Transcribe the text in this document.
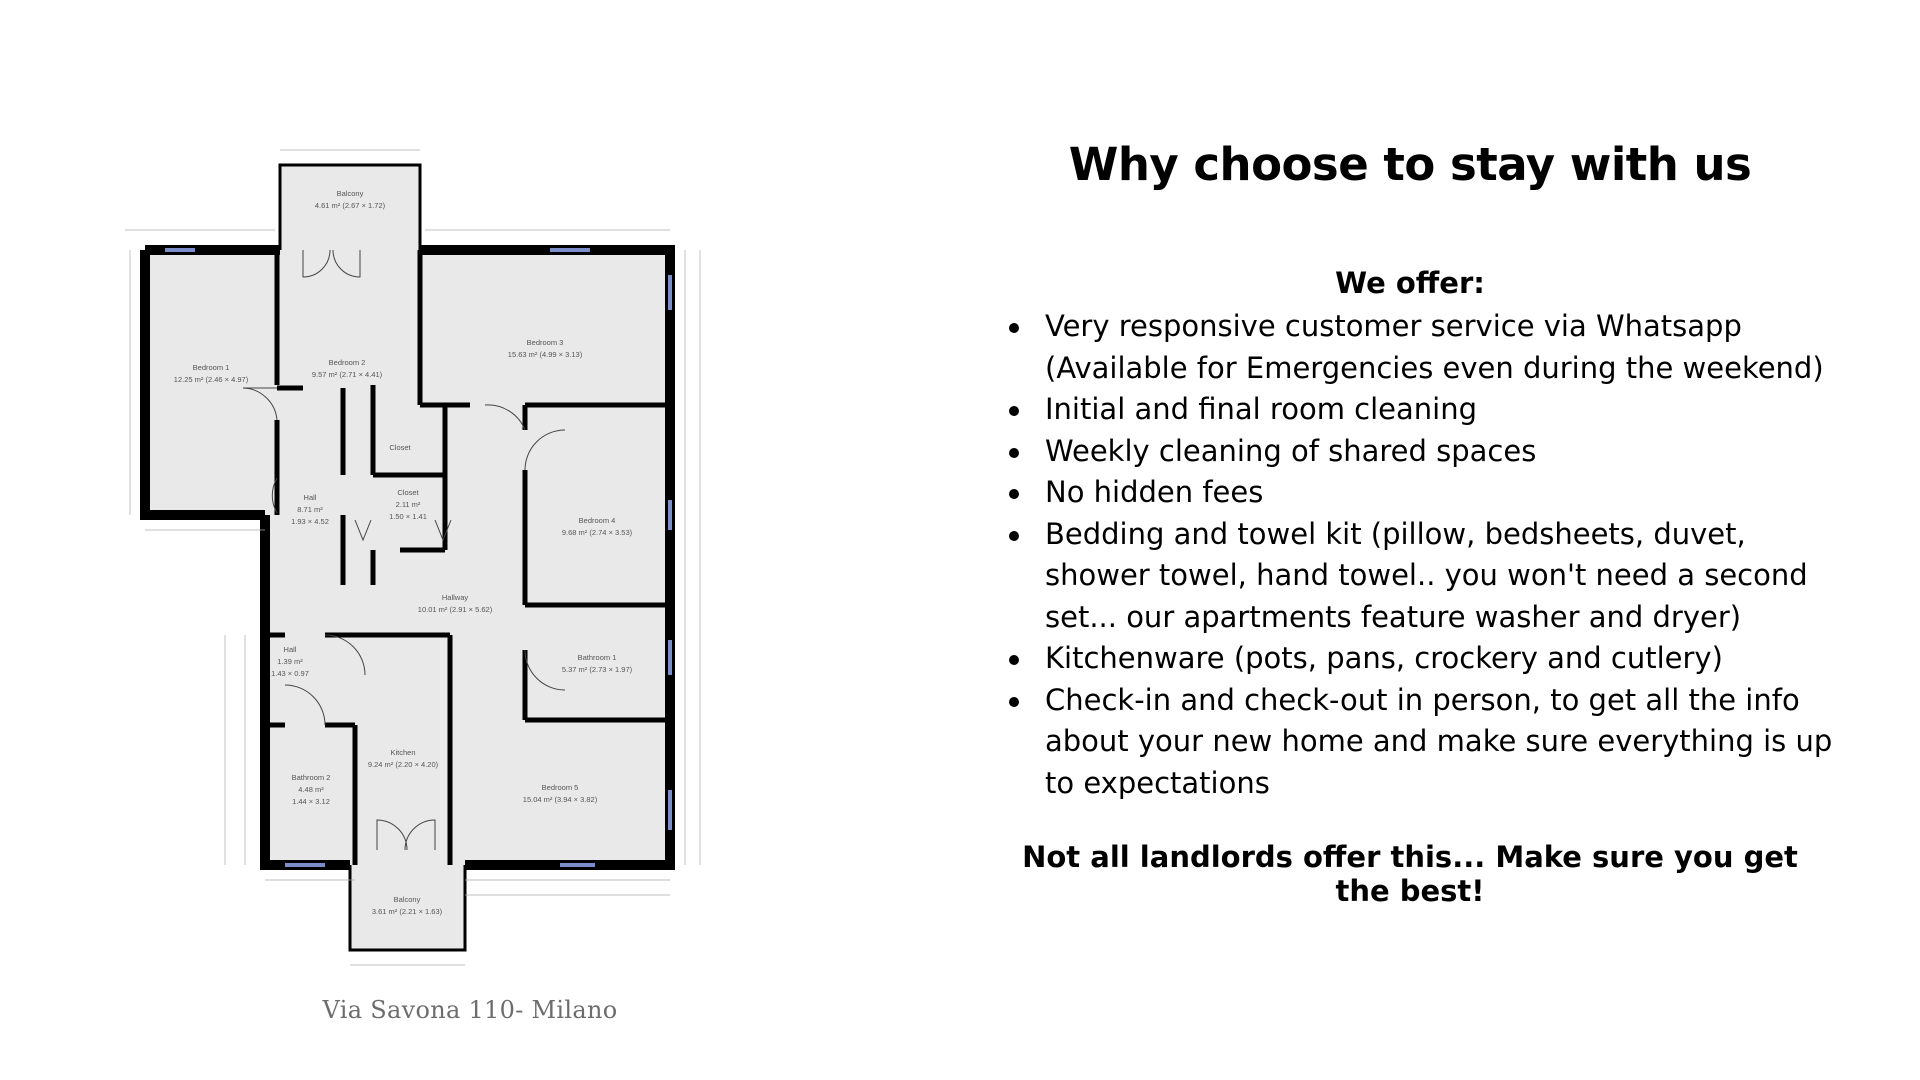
Balcony
4.61 m² (2.67 × 1.72)
Bedroom 1
12.25 m² (2.46 × 4.97)
Bedroom 2
9.57 m² (2.71 × 4.41)
Bedroom 3
15.63 m² (4.99 × 3.13)
Closet
Hall
8.71 m²
1.93 × 4.52
Closet
2.11 m²
1.50 × 1.41	Bedroom 4
9.68 m² (2.74 × 3.53)
Hallway
10.01 m² (2.91 × 5.62)
Bathroom 1
5.37 m² (2.73 × 1.97)
Hall
1.39 m²
1.43 × 0.97
Kitchen
9.24 m² (2.20 × 4.20)
Bathroom 2
4.48 m²
1.44 × 3.12
Bedroom 5
15.04 m² (3.94 × 3.82)
Balcony
3.61 m² (2.21 × 1.63)
Via Savona 110- Milano
Why choose to stay with us
We offer:
Very responsive customer service via Whatsapp (Available for Emergencies even during the weekend)
Initial and final room cleaning
Weekly cleaning of shared spaces
No hidden fees
Bedding and towel kit (pillow, bedsheets, duvet, shower towel, hand towel.. you won't need a second set... our apartments feature washer and dryer)
Kitchenware (pots, pans, crockery and cutlery)
Check-in and check-out in person, to get all the info about your new home and make sure everything is up to expectations
Not all landlords offer this... Make sure you get the best!
